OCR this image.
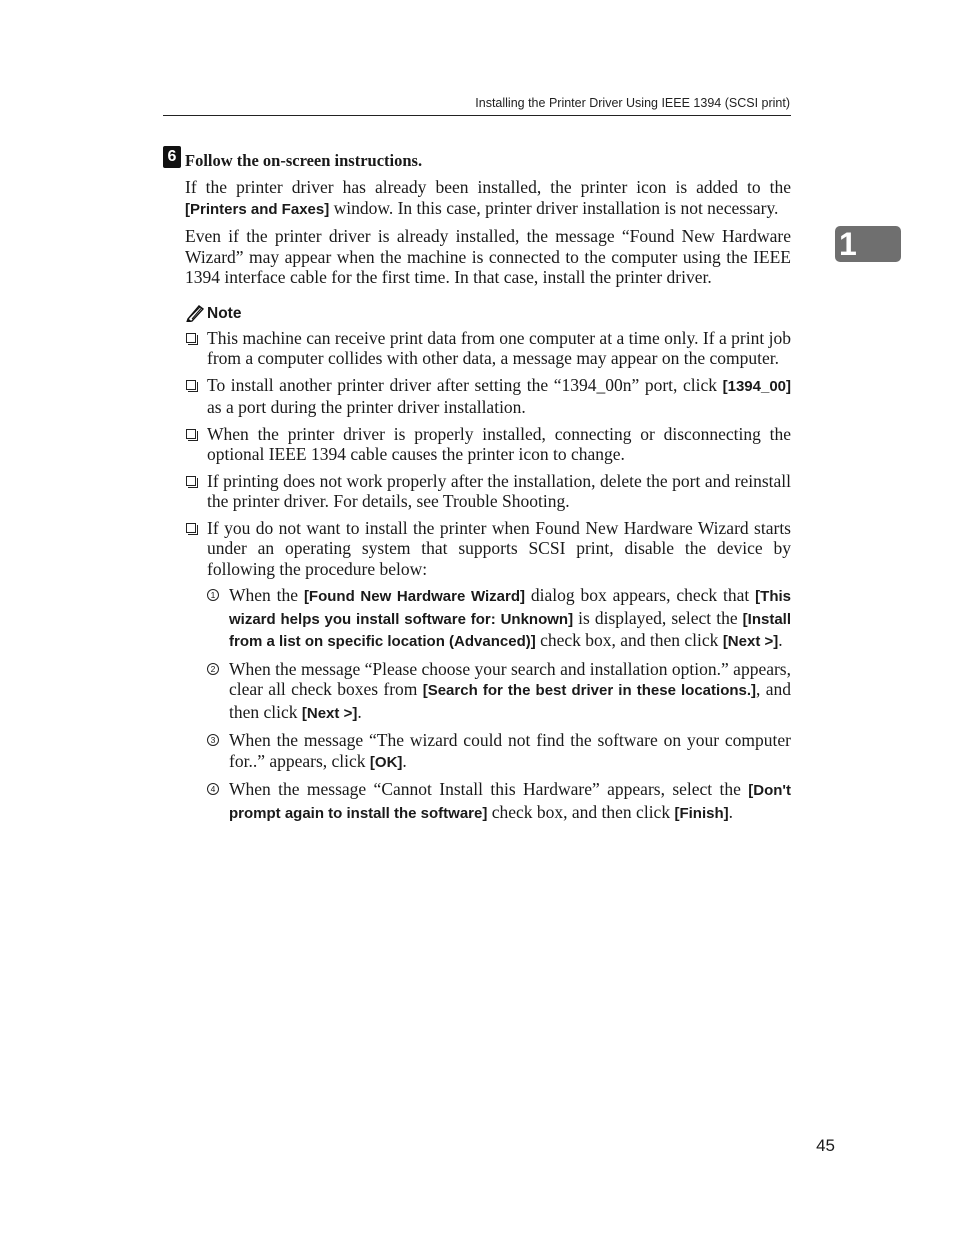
Installing the Printer Driver Using IEEE 1394 (SCSI print)
1
6 Follow the on-screen instructions.

If the printer driver has already been installed, the printer icon is added to the [Printers and Faxes] window. In this case, printer driver installation is not necessary.

Even if the printer driver is already installed, the message “Found New Hardware Wizard” may appear when the machine is connected to the computer using the IEEE 1394 interface cable for the first time. In that case, install the printer driver.

Note
This machine can receive print data from one computer at a time only. If a print job from a computer collides with other data, a message may appear on the computer.
To install another printer driver after setting the “1394_00n” port, click [1394_00] as a port during the printer driver installation.
When the printer driver is properly installed, connecting or disconnecting the optional IEEE 1394 cable causes the printer icon to change.
If printing does not work properly after the installation, delete the port and reinstall the printer driver. For details, see Trouble Shooting.
If you do not want to install the printer when Found New Hardware Wizard starts under an operating system that supports SCSI print, disable the device by following the procedure below:
1 When the [Found New Hardware Wizard] dialog box appears, check that [This wizard helps you install software for: Unknown] is displayed, select the [Install from a list on specific location (Advanced)] check box, and then click [Next >].
2 When the message “Please choose your search and installation option.” appears, clear all check boxes from [Search for the best driver in these locations.], and then click [Next >].
3 When the message “The wizard could not find the software on your computer for..” appears, click [OK].
4 When the message “Cannot Install this Hardware” appears, select the [Don't prompt again to install the software] check box, and then click [Finish].
45
